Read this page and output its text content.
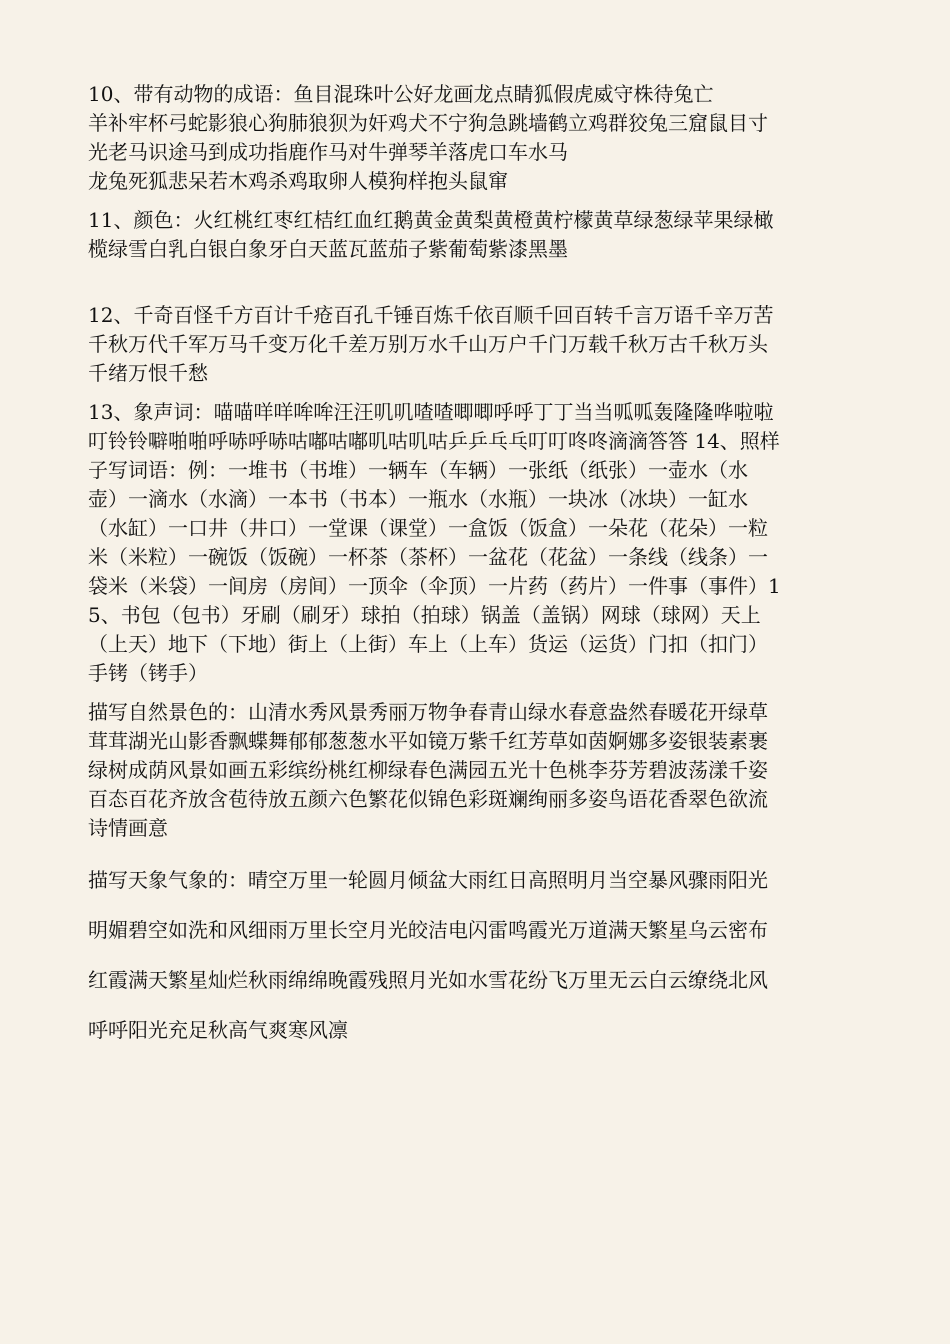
10、带有动物的成语：鱼目混珠叶公好龙画龙点睛狐假虎威守株待兔亡
羊补牢杯弓蛇影狼心狗肺狼狈为奸鸡犬不宁狗急跳墙鹤立鸡群狡兔三窟鼠目寸
光老马识途马到成功指鹿作马对牛弹琴羊落虎口车水马
龙兔死狐悲呆若木鸡杀鸡取卵人模狗样抱头鼠窜

11、颜色：火红桃红枣红桔红血红鹅黄金黄梨黄橙黄柠檬黄草绿葱绿苹果绿橄
榄绿雪白乳白银白象牙白天蓝瓦蓝茄子紫葡萄紫漆黑墨

12、千奇百怪千方百计千疮百孔千锤百炼千依百顺千回百转千言万语千辛万苦
千秋万代千军万马千变万化千差万别万水千山万户千门万载千秋万古千秋万头
千绪万恨千愁

13、象声词：喵喵咩咩哞哞汪汪叽叽喳喳唧唧呼呼丁丁当当呱呱轰隆隆哗啦啦
叮铃铃噼啪啪呼哧呼哧咕嘟咕嘟叽咕叽咕乒乒乓乓叮叮咚咚滴滴答答 14、照样
子写词语：例：一堆书（书堆）一辆车（车辆）一张纸（纸张）一壶水（水
壶）一滴水（水滴）一本书（书本）一瓶水（水瓶）一块冰（冰块）一缸水
（水缸）一口井（井口）一堂课（课堂）一盒饭（饭盒）一朵花（花朵）一粒
米（米粒）一碗饭（饭碗）一杯茶（茶杯）一盆花（花盆）一条线（线条）一
袋米（米袋）一间房（房间）一顶伞（伞顶）一片药（药片）一件事（事件）1
5、书包（包书）牙刷（刷牙）球拍（拍球）锅盖（盖锅）网球（球网）天上
（上天）地下（下地）街上（上街）车上（上车）货运（运货）门扣（扣门）
手铐（铐手）

描写自然景色的：山清水秀风景秀丽万物争春青山绿水春意盎然春暖花开绿草
茸茸湖光山影香飘蝶舞郁郁葱葱水平如镜万紫千红芳草如茵婀娜多姿银装素裹
绿树成荫风景如画五彩缤纷桃红柳绿春色满园五光十色桃李芬芳碧波荡漾千姿
百态百花齐放含苞待放五颜六色繁花似锦色彩斑斓绚丽多姿鸟语花香翠色欲流
诗情画意

描写天象气象的：晴空万里一轮圆月倾盆大雨红日高照明月当空暴风骤雨阳光
明媚碧空如洗和风细雨万里长空月光皎洁电闪雷鸣霞光万道满天繁星乌云密布
红霞满天繁星灿烂秋雨绵绵晚霞残照月光如水雪花纷飞万里无云白云缭绕北风
呼呼阳光充足秋高气爽寒风凛
